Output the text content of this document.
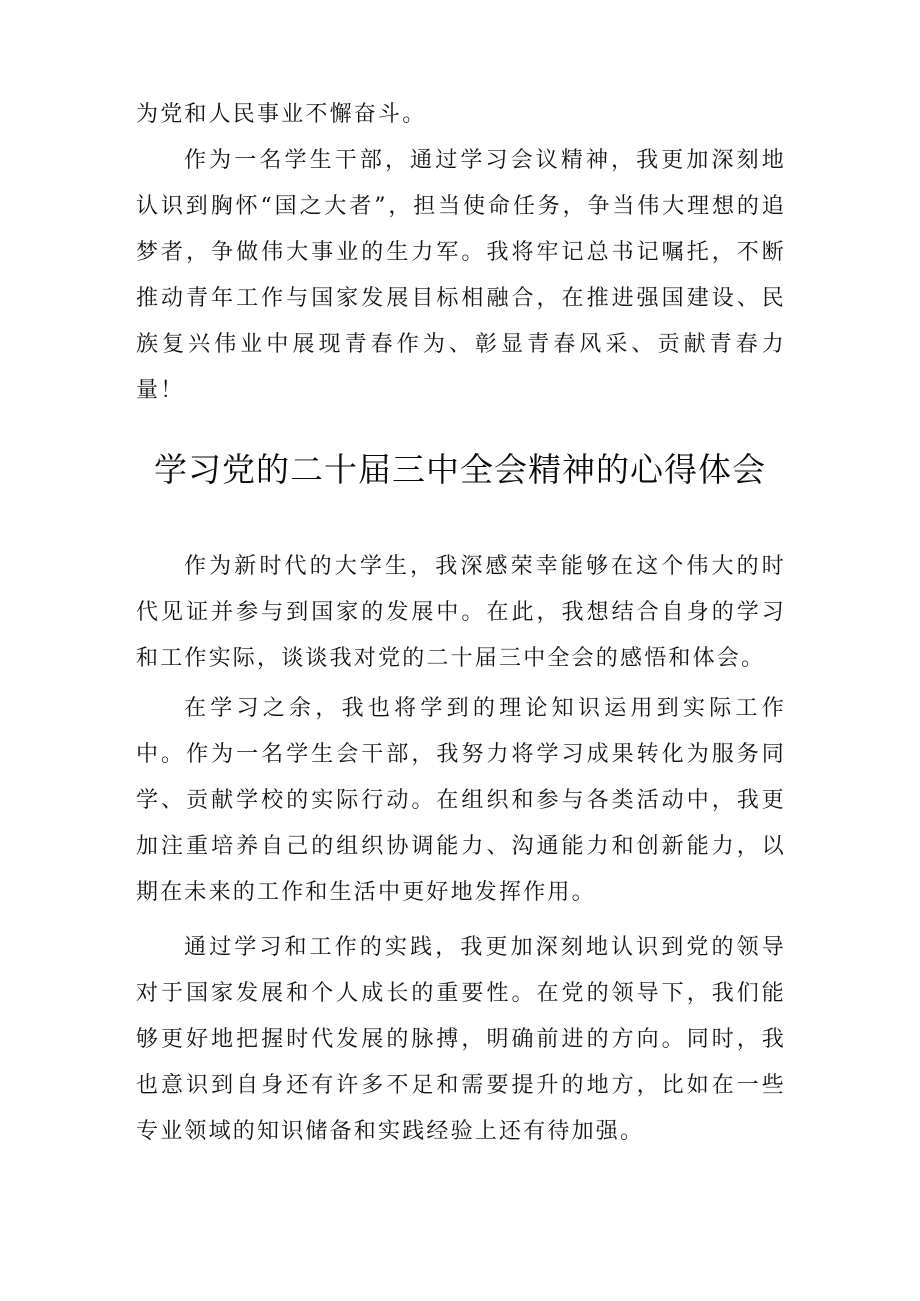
为党和人民事业不懈奋斗。

作为一名学生干部，通过学习会议精神，我更加深刻地认识到胸怀“国之大者”，担当使命任务，争当伟大理想的追梦者，争做伟大事业的生力军。我将牢记总书记嘱托，不断推动青年工作与国家发展目标相融合，在推进强国建设、民族复兴伟业中展现青春作为、彰显青春风采、贡献青春力量！

学习党的二十届三中全会精神的心得体会

作为新时代的大学生，我深感荣幸能够在这个伟大的时代见证并参与到国家的发展中。在此，我想结合自身的学习和工作实际，谈谈我对党的二十届三中全会的感悟和体会。

在学习之余，我也将学到的理论知识运用到实际工作中。作为一名学生会干部，我努力将学习成果转化为服务同学、贡献学校的实际行动。在组织和参与各类活动中，我更加注重培养自己的组织协调能力、沟通能力和创新能力，以期在未来的工作和生活中更好地发挥作用。

通过学习和工作的实践，我更加深刻地认识到党的领导对于国家发展和个人成长的重要性。在党的领导下，我们能够更好地把握时代发展的脉搏，明确前进的方向。同时，我也意识到自身还有许多不足和需要提升的地方，比如在一些专业领域的知识储备和实践经验上还有待加强。
